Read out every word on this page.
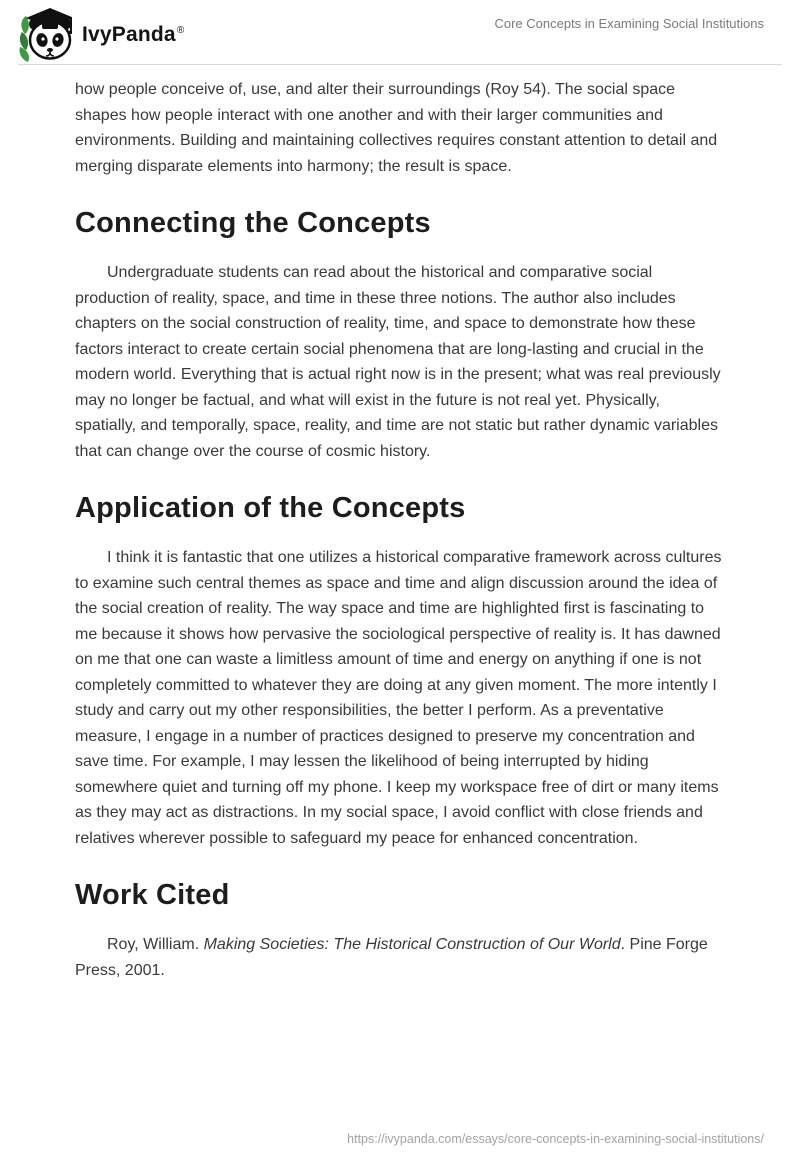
IvyPanda®	Core Concepts in Examining Social Institutions

how people conceive of, use, and alter their surroundings (Roy 54). The social space shapes how people interact with one another and with their larger communities and environments. Building and maintaining collectives requires constant attention to detail and merging disparate elements into harmony; the result is space.

Connecting the Concepts

Undergraduate students can read about the historical and comparative social production of reality, space, and time in these three notions. The author also includes chapters on the social construction of reality, time, and space to demonstrate how these factors interact to create certain social phenomena that are long-lasting and crucial in the modern world. Everything that is actual right now is in the present; what was real previously may no longer be factual, and what will exist in the future is not real yet. Physically, spatially, and temporally, space, reality, and time are not static but rather dynamic variables that can change over the course of cosmic history.

Application of the Concepts

I think it is fantastic that one utilizes a historical comparative framework across cultures to examine such central themes as space and time and align discussion around the idea of the social creation of reality. The way space and time are highlighted first is fascinating to me because it shows how pervasive the sociological perspective of reality is. It has dawned on me that one can waste a limitless amount of time and energy on anything if one is not completely committed to whatever they are doing at any given moment. The more intently I study and carry out my other responsibilities, the better I perform. As a preventative measure, I engage in a number of practices designed to preserve my concentration and save time. For example, I may lessen the likelihood of being interrupted by hiding somewhere quiet and turning off my phone. I keep my workspace free of dirt or many items as they may act as distractions. In my social space, I avoid conflict with close friends and relatives wherever possible to safeguard my peace for enhanced concentration.

Work Cited

Roy, William. Making Societies: The Historical Construction of Our World. Pine Forge Press, 2001.

https://ivypanda.com/essays/core-concepts-in-examining-social-institutions/
